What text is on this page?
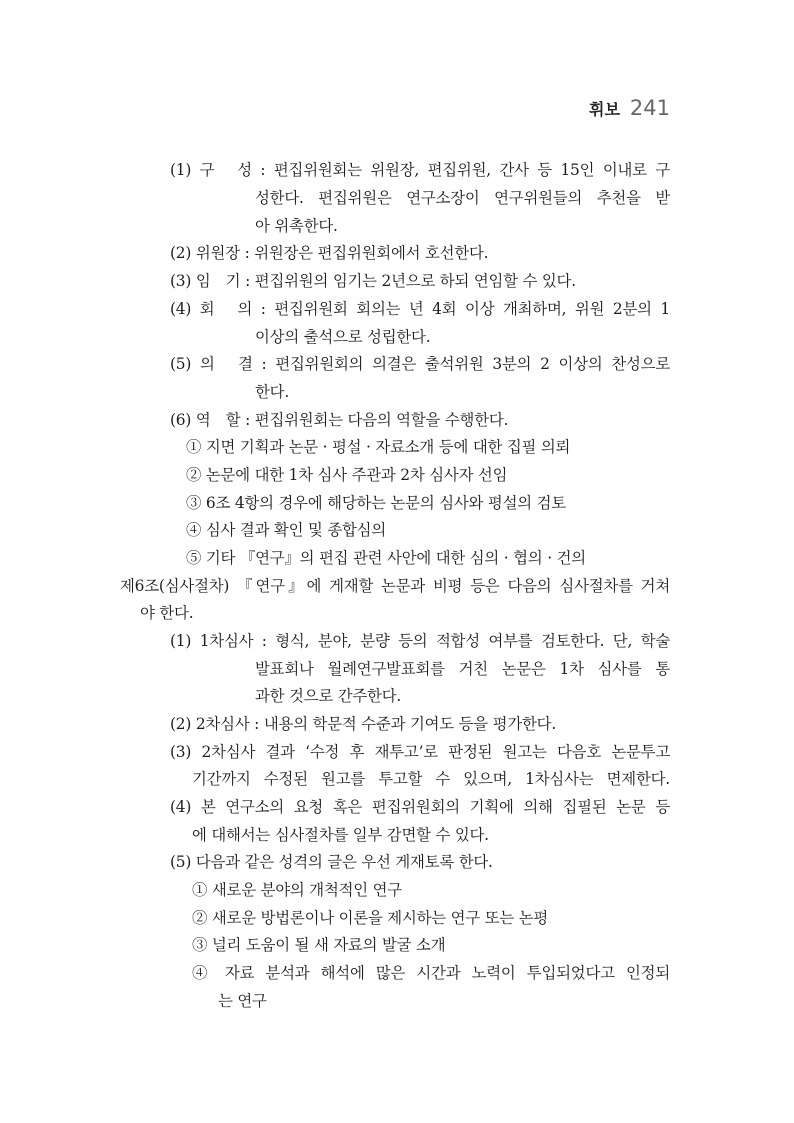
휘보 241
(1) 구　성 : 편집위원회는 위원장, 편집위원, 간사 등 15인 이내로 구
성한다. 편집위원은 연구소장이 연구위원들의 추천을 받
아 위촉한다.
(2) 위원장 : 위원장은 편집위원회에서 호선한다.
(3) 임　기 : 편집위원의 임기는 2년으로 하되 연임할 수 있다.
(4) 회　의 : 편집위원회 회의는 년 4회 이상 개최하며, 위원 2분의 1
이상의 출석으로 성립한다.
(5) 의　결 : 편집위원회의 의결은 출석위원 3분의 2 이상의 찬성으로
한다.
(6) 역　할 : 편집위원회는 다음의 역할을 수행한다.
① 지면 기획과 논문 · 평설 · 자료소개 등에 대한 집필 의뢰
② 논문에 대한 1차 심사 주관과 2차 심사자 선임
③ 6조 4항의 경우에 해당하는 논문의 심사와 평설의 검토
④ 심사 결과 확인 및 종합심의
⑤ 기타 『연구』의 편집 관련 사안에 대한 심의 · 협의 · 건의
제6조(심사절차) 『연구』에 게재할 논문과 비평 등은 다음의 심사절차를 거쳐
야 한다.
(1) 1차심사 : 형식, 분야, 분량 등의 적합성 여부를 검토한다. 단, 학술
발표회나 월례연구발표회를 거친 논문은 1차 심사를 통
과한 것으로 간주한다.
(2) 2차심사 : 내용의 학문적 수준과 기여도 등을 평가한다.
(3) 2차심사 결과 ‘수정 후 재투고’로 판정된 원고는 다음호 논문투고
기간까지 수정된 원고를 투고할 수 있으며, 1차심사는 면제한다.
(4) 본 연구소의 요청 혹은 편집위원회의 기획에 의해 집필된 논문 등
에 대해서는 심사절차를 일부 감면할 수 있다.
(5) 다음과 같은 성격의 글은 우선 게재토록 한다.
① 새로운 분야의 개척적인 연구
② 새로운 방법론이나 이론을 제시하는 연구 또는 논평
③ 널리 도움이 될 새 자료의 발굴 소개
④ 자료 분석과 해석에 많은 시간과 노력이 투입되었다고 인정되
는 연구
